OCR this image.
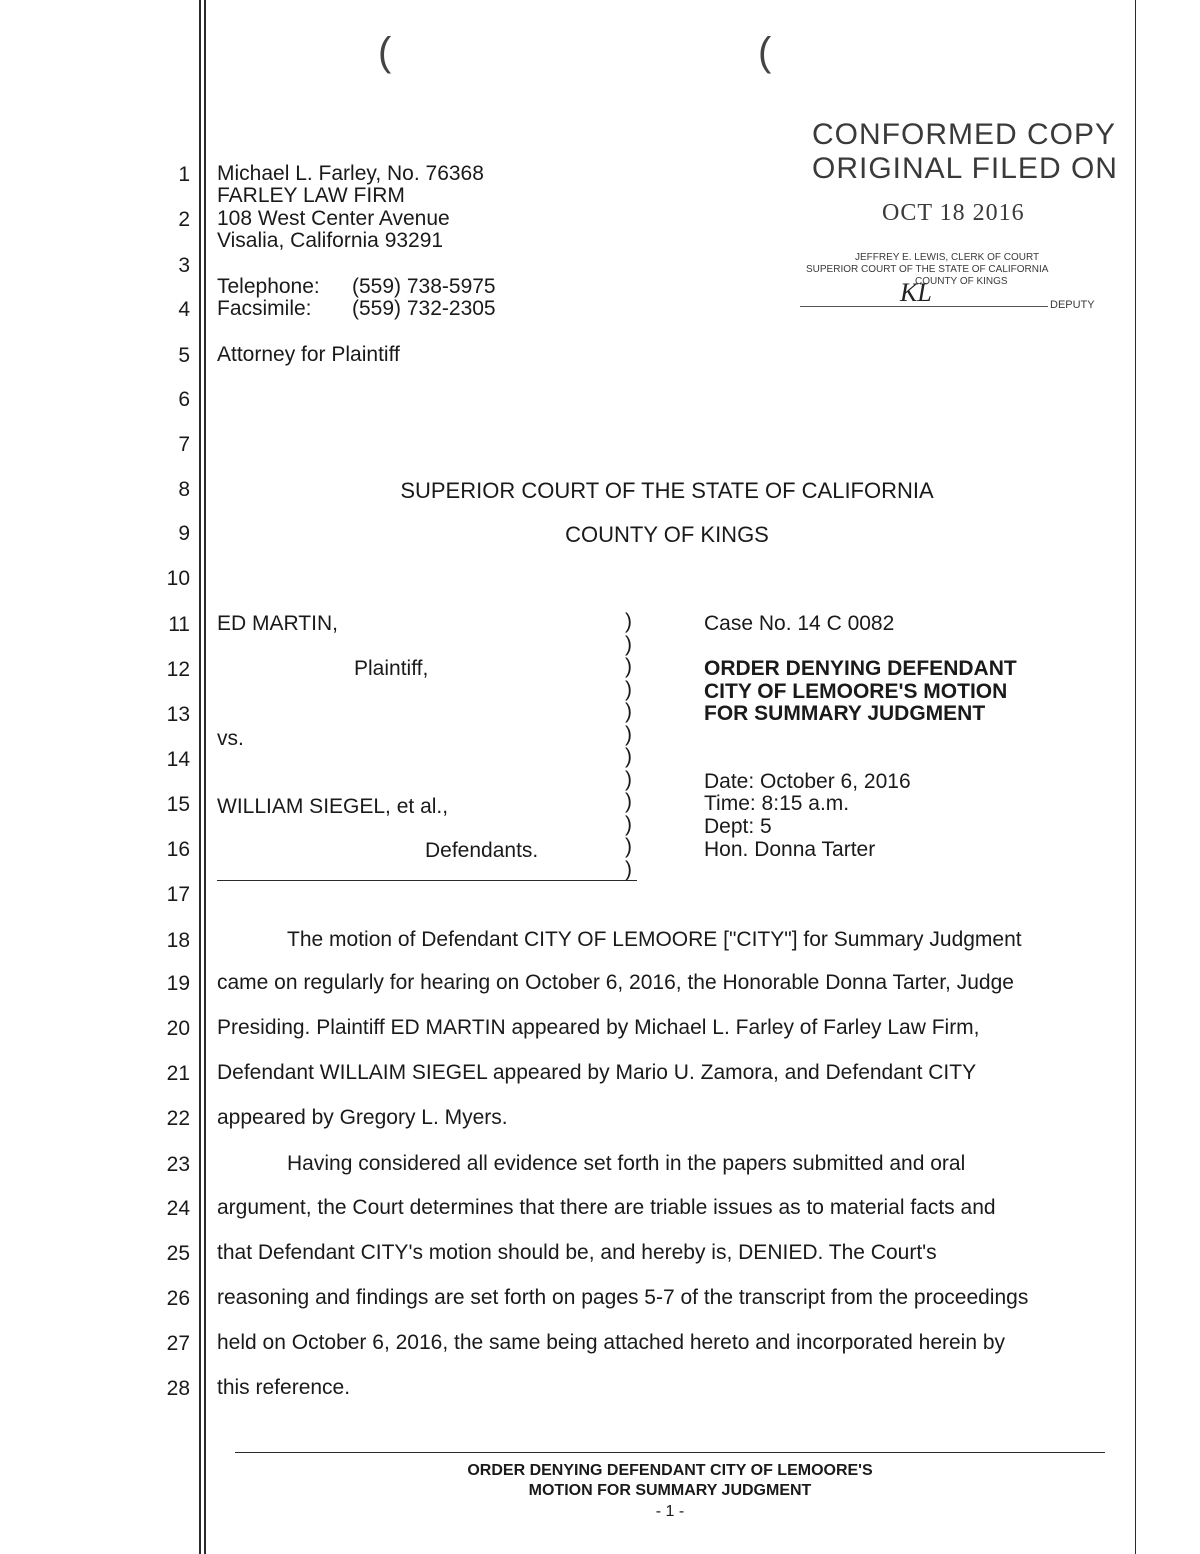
(	(
1
2
3
4
5
6
7
8
9
10
11
12
13
14
15
16
17
18
19
20
21
22
23
24
25
26
27
28
Michael L. Farley, No. 76368
FARLEY LAW FIRM
108 West Center Avenue
Visalia, California 93291
Telephone: (559) 738-5975
Facsimile: (559) 732-2305
Attorney for Plaintiff
CONFORMED COPY
ORIGINAL FILED ON
OCT 18 2016
JEFFREY E. LEWIS, CLERK OF COURT
SUPERIOR COURT OF THE STATE OF CALIFORNIA
COUNTY OF KINGS
KL	DEPUTY
SUPERIOR COURT OF THE STATE OF CALIFORNIA
COUNTY OF KINGS
ED MARTIN,
Plaintiff,
vs.
WILLIAM SIEGEL, et al.,
Defendants.
)
)
)
)
)
)
)
)
)
)
)
)
Case No. 14 C 0082
ORDER DENYING DEFENDANT
CITY OF LEMOORE'S MOTION
FOR SUMMARY JUDGMENT
Date: October 6, 2016
Time: 8:15 a.m.
Dept: 5
Hon. Donna Tarter
The motion of Defendant CITY OF LEMOORE ["CITY"] for Summary Judgment
came on regularly for hearing on October 6, 2016, the Honorable Donna Tarter, Judge
Presiding. Plaintiff ED MARTIN appeared by Michael L. Farley of Farley Law Firm,
Defendant WILLAIM SIEGEL appeared by Mario U. Zamora, and Defendant CITY
appeared by Gregory L. Myers.
Having considered all evidence set forth in the papers submitted and oral
argument, the Court determines that there are triable issues as to material facts and
that Defendant CITY's motion should be, and hereby is, DENIED. The Court's
reasoning and findings are set forth on pages 5-7 of the transcript from the proceedings
held on October 6, 2016, the same being attached hereto and incorporated herein by
this reference.
ORDER DENYING DEFENDANT CITY OF LEMOORE'S
MOTION FOR SUMMARY JUDGMENT
- 1 -
